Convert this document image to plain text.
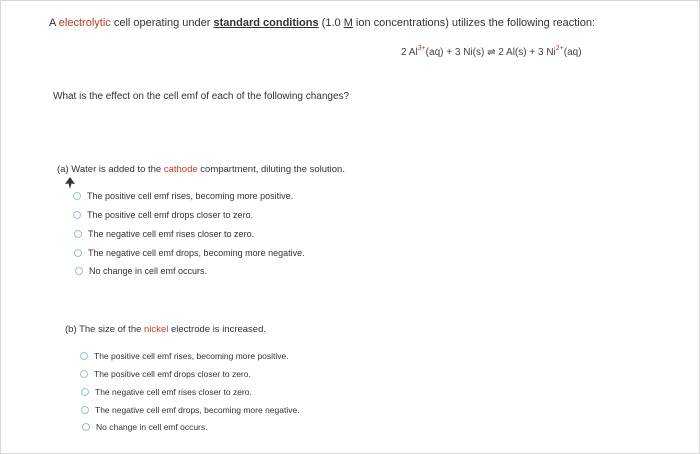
A electrolytic cell operating under standard conditions (1.0 M ion concentrations) utilizes the following reaction:
2 $Al^{3+}(aq) + 3$ Ni(s) ⇌ 2 Al(s) + 3 $Ni^{2+}(aq)$
What is the effect on the cell emf of each of the following changes?
(a) Water is added to the cathode compartment, diluting the solution.
The positive cell emf rises, becoming more positive.
The positive cell emf drops closer to zero.
The negative cell emf rises closer to zero.
The negative cell emf drops, becoming more negative.
No change in cell emf occurs.
(b) The size of the nickel electrode is increased.
The positive cell emf rises, becoming more positive.
The positive cell emf drops closer to zero.
The negative cell emf rises closer to zero.
The negative cell emf drops, becoming more negative.
No change in cell emf occurs.
